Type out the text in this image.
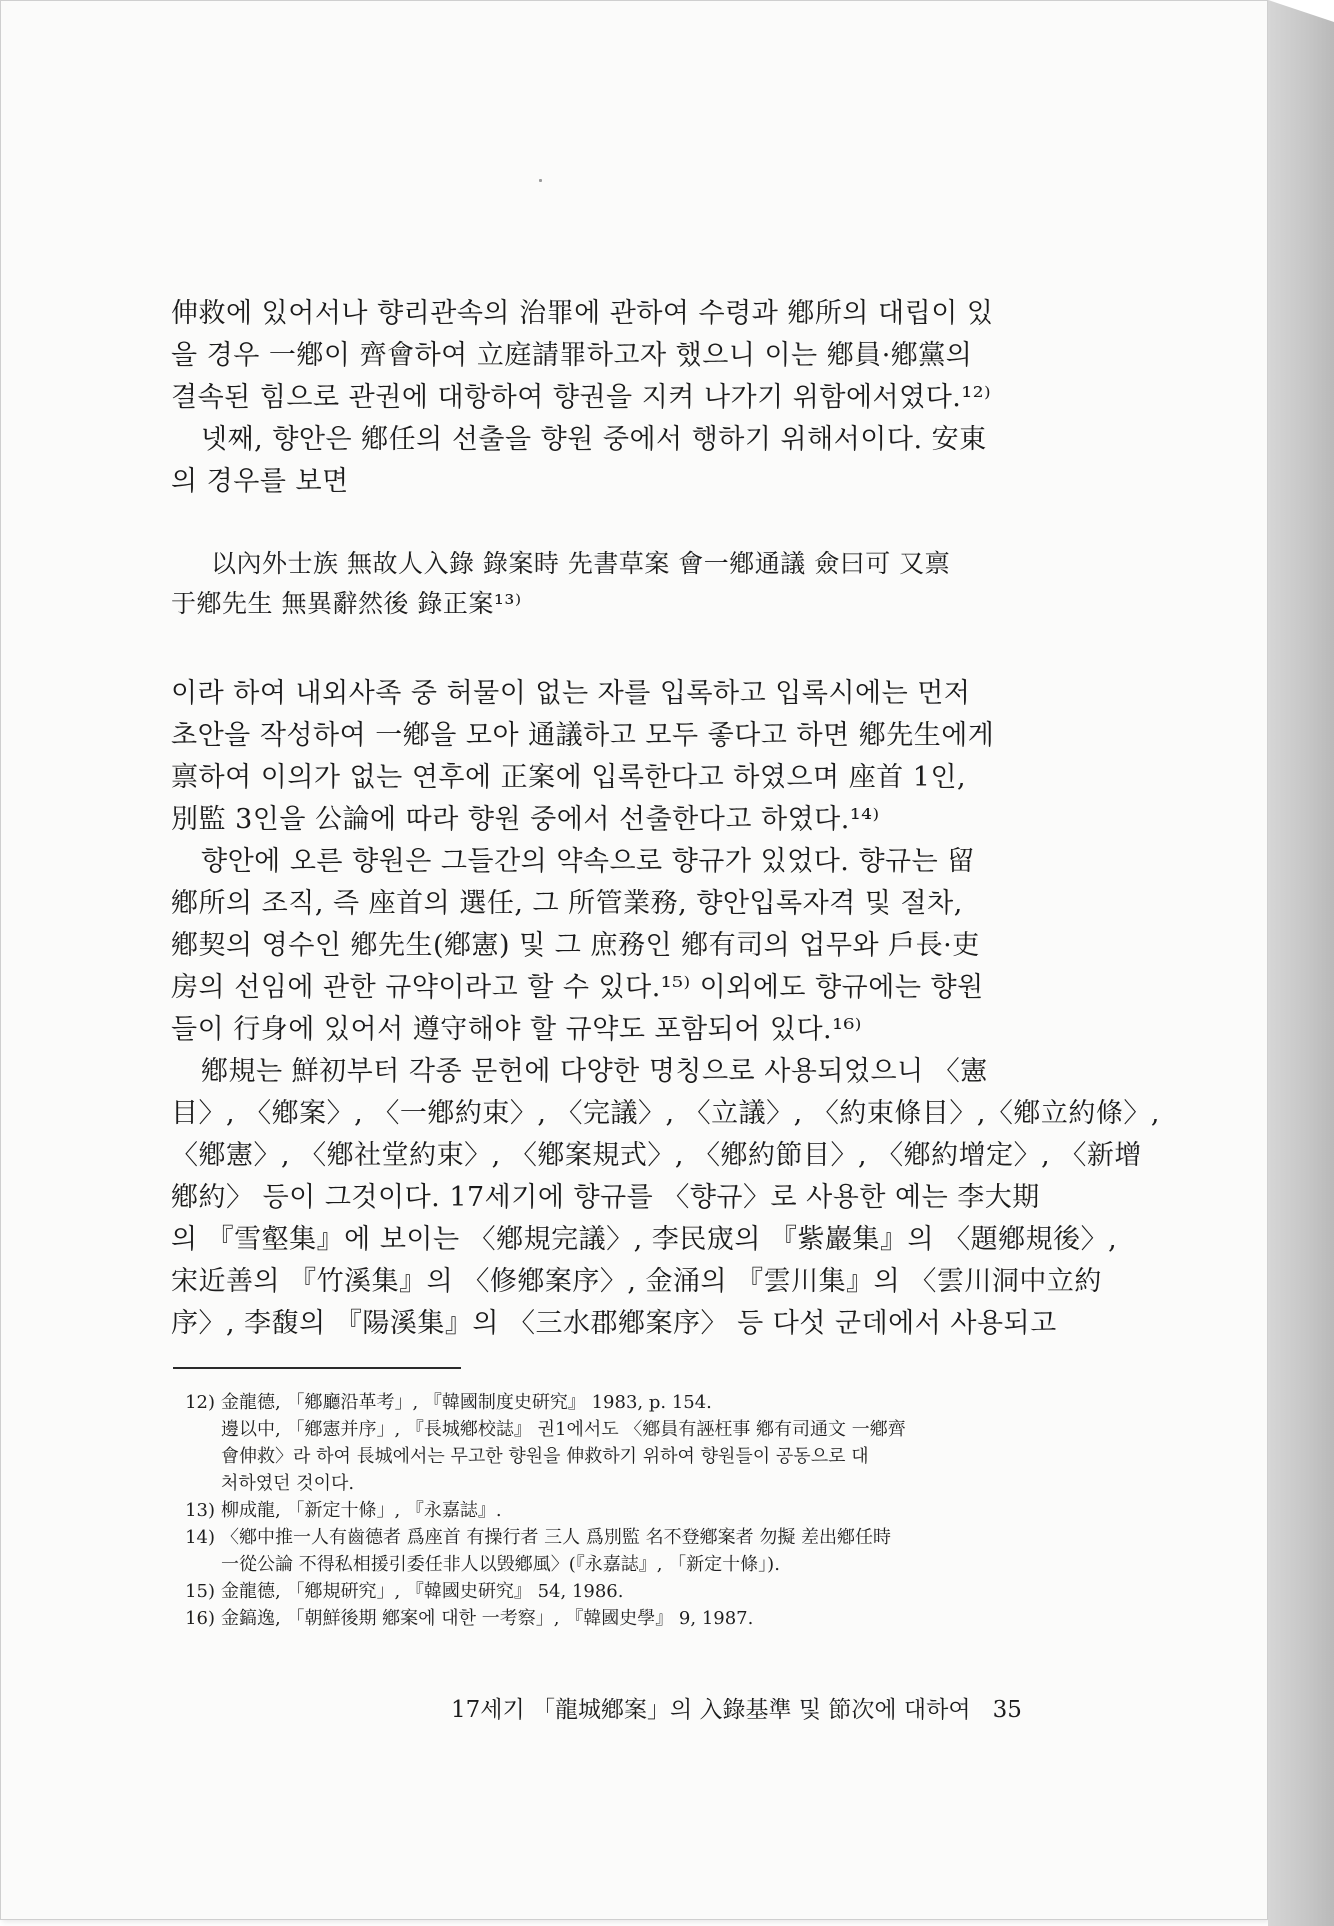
伸救에 있어서나 향리관속의 治罪에 관하여 수령과 鄕所의 대립이 있
을 경우 一鄕이 齊會하여 立庭請罪하고자 했으니 이는 鄕員·鄕黨의
결속된 힘으로 관권에 대항하여 향권을 지켜 나가기 위함에서였다.¹²⁾
넷째, 향안은 鄕任의 선출을 향원 중에서 행하기 위해서이다. 安東
의 경우를 보면
以內外士族 無故人入錄 錄案時 先書草案 會一鄕通議 僉曰可 又禀
于鄕先生 無異辭然後 錄正案¹³⁾
이라 하여 내외사족 중 허물이 없는 자를 입록하고 입록시에는 먼저
초안을 작성하여 一鄕을 모아 通議하고 모두 좋다고 하면 鄕先生에게
禀하여 이의가 없는 연후에 正案에 입록한다고 하였으며 座首 1인,
別監 3인을 公論에 따라 향원 중에서 선출한다고 하였다.¹⁴⁾
향안에 오른 향원은 그들간의 약속으로 향규가 있었다. 향규는 留
鄕所의 조직, 즉 座首의 選任, 그 所管業務, 향안입록자격 및 절차,
鄕契의 영수인 鄕先生(鄕憲) 및 그 庶務인 鄕有司의 업무와 戶長·吏
房의 선임에 관한 규약이라고 할 수 있다.¹⁵⁾ 이외에도 향규에는 향원
들이 行身에 있어서 遵守해야 할 규약도 포함되어 있다.¹⁶⁾
鄕規는 鮮初부터 각종 문헌에 다양한 명칭으로 사용되었으니 〈憲
目〉, 〈鄕案〉, 〈一鄕約束〉, 〈完議〉, 〈立議〉, 〈約束條目〉,〈鄕立約條〉,
〈鄕憲〉, 〈鄕社堂約束〉, 〈鄕案規式〉, 〈鄕約節目〉, 〈鄕約增定〉, 〈新增
鄕約〉 등이 그것이다. 17세기에 향규를 〈향규〉로 사용한 예는 李大期
의 『雪壑集』에 보이는 〈鄕規完議〉, 李民宬의 『紫巖集』의 〈題鄕規後〉,
宋近善의 『竹溪集』의 〈修鄕案序〉, 金涌의 『雲川集』의 〈雲川洞中立約
序〉, 李馥의 『陽溪集』의 〈三水郡鄕案序〉 등 다섯 군데에서 사용되고
12) 金龍德, 「鄕廳沿革考」, 『韓國制度史硏究』 1983, p. 154.
邊以中, 「鄕憲并序」, 『長城鄕校誌』 권1에서도 〈鄕員有誣枉事 鄕有司通文 一鄕齊
會伸救〉라 하여 長城에서는 무고한 향원을 伸救하기 위하여 향원들이 공동으로 대
처하였던 것이다.
13) 柳成龍, 「新定十條」, 『永嘉誌』.
14) 〈鄕中推一人有齒德者 爲座首 有操行者 三人 爲別監 名不登鄕案者 勿擬 差出鄕任時
一從公論 不得私相援引委任非人以毁鄕風〉(『永嘉誌』, 「新定十條」).
15) 金龍德, 「鄕規硏究」, 『韓國史硏究』 54, 1986.
16) 金鎬逸, 「朝鮮後期 鄕案에 대한 一考察」, 『韓國史學』 9, 1987.
17세기 「龍城鄕案」의 入錄基準 및 節次에 대하여 35
